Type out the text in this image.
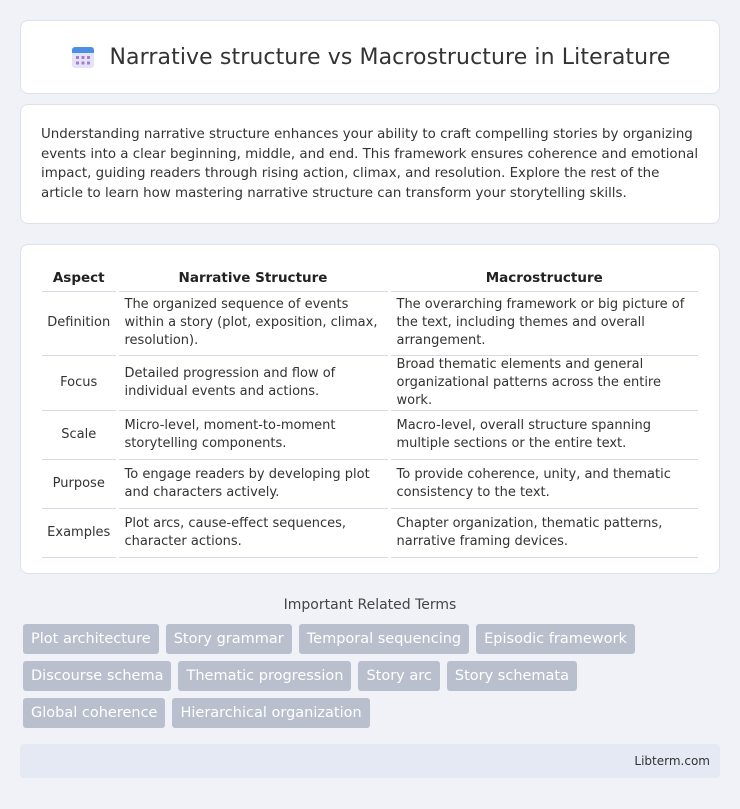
Narrative structure vs Macrostructure in Literature

Understanding narrative structure enhances your ability to craft compelling stories by organizing events into a clear beginning, middle, and end. This framework ensures coherence and emotional impact, guiding readers through rising action, climax, and resolution. Explore the rest of the article to learn how mastering narrative structure can transform your storytelling skills.

Aspect	Narrative Structure	Macrostructure
Definition	The organized sequence of events within a story (plot, exposition, climax, resolution).	The overarching framework or big picture of the text, including themes and overall arrangement.
Focus	Detailed progression and flow of individual events and actions.	Broad thematic elements and general organizational patterns across the entire work.
Scale	Micro-level, moment-to-moment storytelling components.	Macro-level, overall structure spanning multiple sections or the entire text.
Purpose	To engage readers by developing plot and characters actively.	To provide coherence, unity, and thematic consistency to the text.
Examples	Plot arcs, cause-effect sequences, character actions.	Chapter organization, thematic patterns, narrative framing devices.
Important Related Terms
Plot architecture	Story grammar	Temporal sequencing	Episodic framework
Discourse schema	Thematic progression	Story arc	Story schemata
Global coherence	Hierarchical organization
Libterm.com
